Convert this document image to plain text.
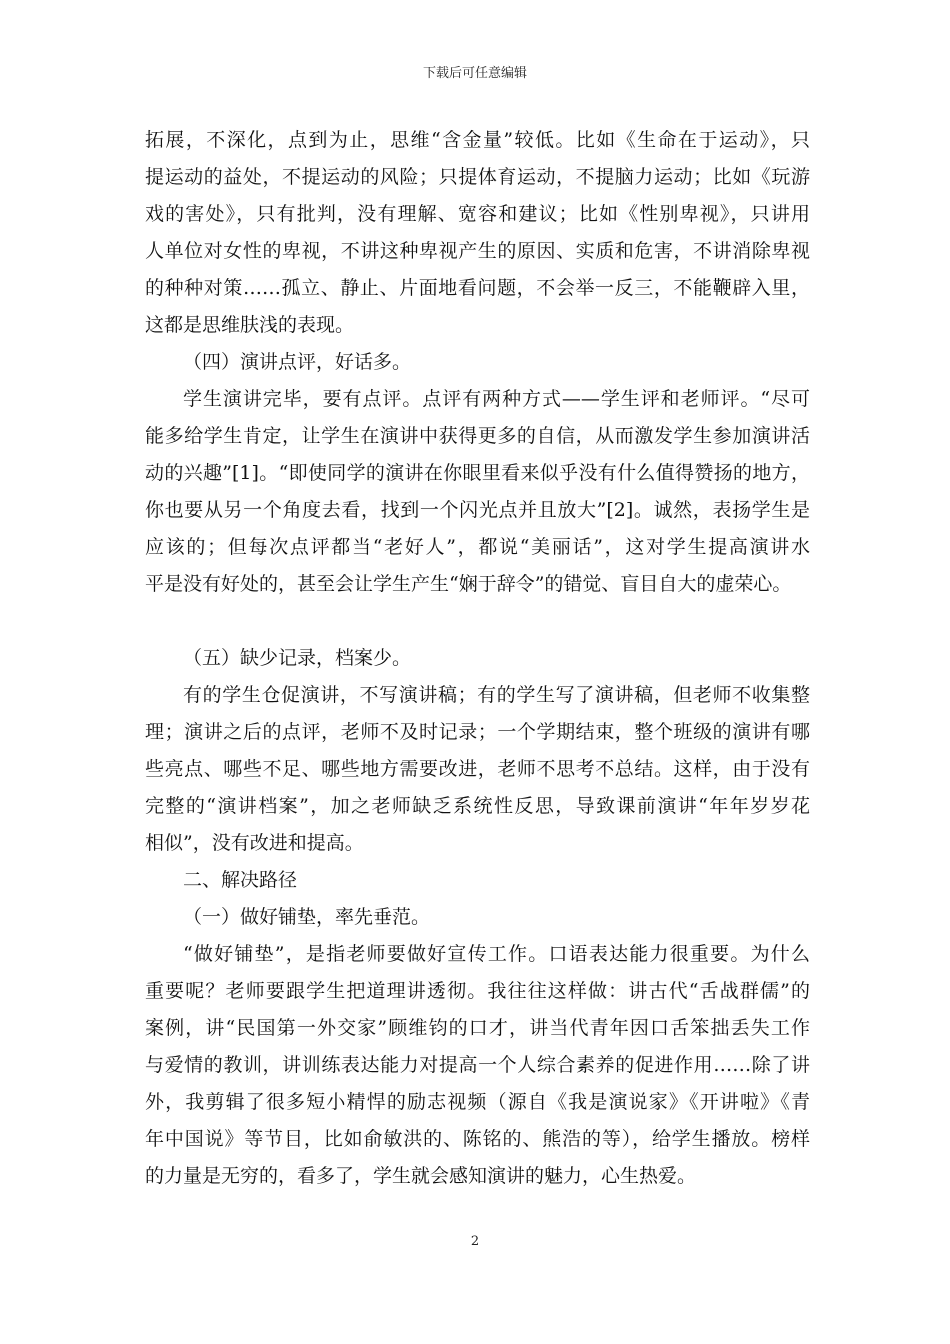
下载后可任意编辑
拓展，不深化，点到为止，思维“含金量”较低。比如《生命在于运动》，只
提运动的益处，不提运动的风险；只提体育运动，不提脑力运动；比如《玩游
戏的害处》，只有批判，没有理解、宽容和建议；比如《性别卑视》，只讲用
人单位对女性的卑视，不讲这种卑视产生的原因、实质和危害，不讲消除卑视
的种种对策……孤立、静止、片面地看问题，不会举一反三，不能鞭辟入里，
这都是思维肤浅的表现。
（四）演讲点评，好话多。
学生演讲完毕，要有点评。点评有两种方式——学生评和老师评。“尽可
能多给学生肯定，让学生在演讲中获得更多的自信，从而激发学生参加演讲活
动的兴趣”[1]。“即使同学的演讲在你眼里看来似乎没有什么值得赞扬的地方，
你也要从另一个角度去看，找到一个闪光点并且放大”[2]。诚然，表扬学生是
应该的；但每次点评都当“老好人”，都说“美丽话”，这对学生提高演讲水
平是没有好处的，甚至会让学生产生“娴于辞令”的错觉、盲目自大的虚荣心。
（五）缺少记录，档案少。
有的学生仓促演讲，不写演讲稿；有的学生写了演讲稿，但老师不收集整
理；演讲之后的点评，老师不及时记录；一个学期结束，整个班级的演讲有哪
些亮点、哪些不足、哪些地方需要改进，老师不思考不总结。这样，由于没有
完整的“演讲档案”，加之老师缺乏系统性反思，导致课前演讲“年年岁岁花
相似”，没有改进和提高。
二、解决路径
（一）做好铺垫，率先垂范。
“做好铺垫”，是指老师要做好宣传工作。口语表达能力很重要。为什么
重要呢？老师要跟学生把道理讲透彻。我往往这样做：讲古代“舌战群儒”的
案例，讲“民国第一外交家”顾维钧的口才，讲当代青年因口舌笨拙丢失工作
与爱情的教训，讲训练表达能力对提高一个人综合素养的促进作用……除了讲
外，我剪辑了很多短小精悍的励志视频（源自《我是演说家》《开讲啦》《青
年中国说》等节目，比如俞敏洪的、陈铭的、熊浩的等），给学生播放。榜样
的力量是无穷的，看多了，学生就会感知演讲的魅力，心生热爱。
2
